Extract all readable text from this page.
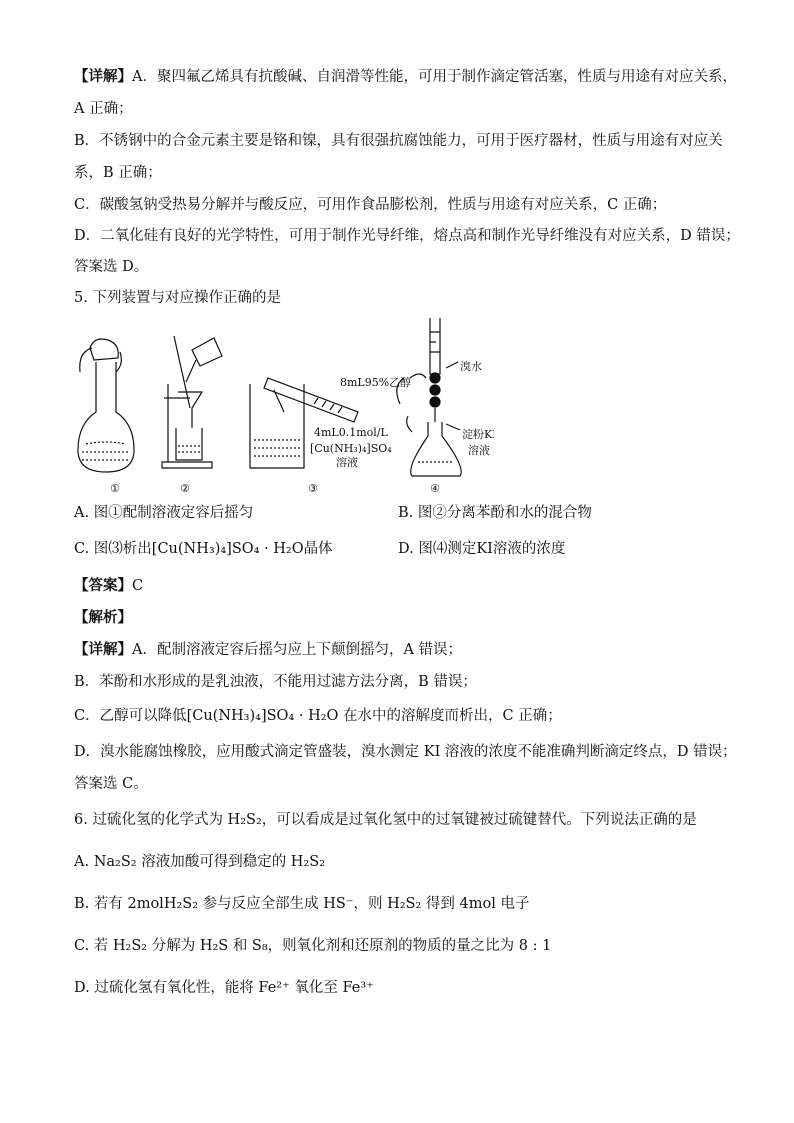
【详解】A．聚四氟乙烯具有抗酸碱、自润滑等性能，可用于制作滴定管活塞，性质与用途有对应关系，
A 正确；
B．不锈钢中的合金元素主要是铬和镍，具有很强抗腐蚀能力，可用于医疗器材，性质与用途有对应关
系，B 正确；
C．碳酸氢钠受热易分解并与酸反应，可用作食品膨松剂，性质与用途有对应关系，C 正确；
D．二氧化硅有良好的光学特性，可用于制作光导纤维，熔点高和制作光导纤维没有对应关系，D 错误；
答案选 D。
5. 下列装置与对应操作正确的是
8mL95%乙醇
4mL0.1mol/L
[Cu(NH₃)₄]SO₄
溶液
溴水
淀粉KI
溶液
①	②	③	④
A. 图①配制溶液定容后摇匀	B. 图②分离苯酚和水的混合物
C. 图⑶析出[Cu(NH₃)₄]SO₄ · H₂O晶体	D. 图⑷测定KI溶液的浓度
【答案】C
【解析】
【详解】A．配制溶液定容后摇匀应上下颠倒摇匀，A 错误；
B．苯酚和水形成的是乳浊液，不能用过滤方法分离，B 错误；
C．乙醇可以降低[Cu(NH₃)₄]SO₄ · H₂O 在水中的溶解度而析出，C 正确；
D．溴水能腐蚀橡胶，应用酸式滴定管盛装，溴水测定 KI 溶液的浓度不能准确判断滴定终点，D 错误；
答案选 C。
6. 过硫化氢的化学式为 H₂S₂，可以看成是过氧化氢中的过氧键被过硫键替代。下列说法正确的是
A. Na₂S₂ 溶液加酸可得到稳定的 H₂S₂
B. 若有 2molH₂S₂ 参与反应全部生成 HS⁻，则 H₂S₂ 得到 4mol 电子
C. 若 H₂S₂ 分解为 H₂S 和 S₈，则氧化剂和还原剂的物质的量之比为 8 : 1
D. 过硫化氢有氧化性，能将 Fe²⁺ 氧化至 Fe³⁺
